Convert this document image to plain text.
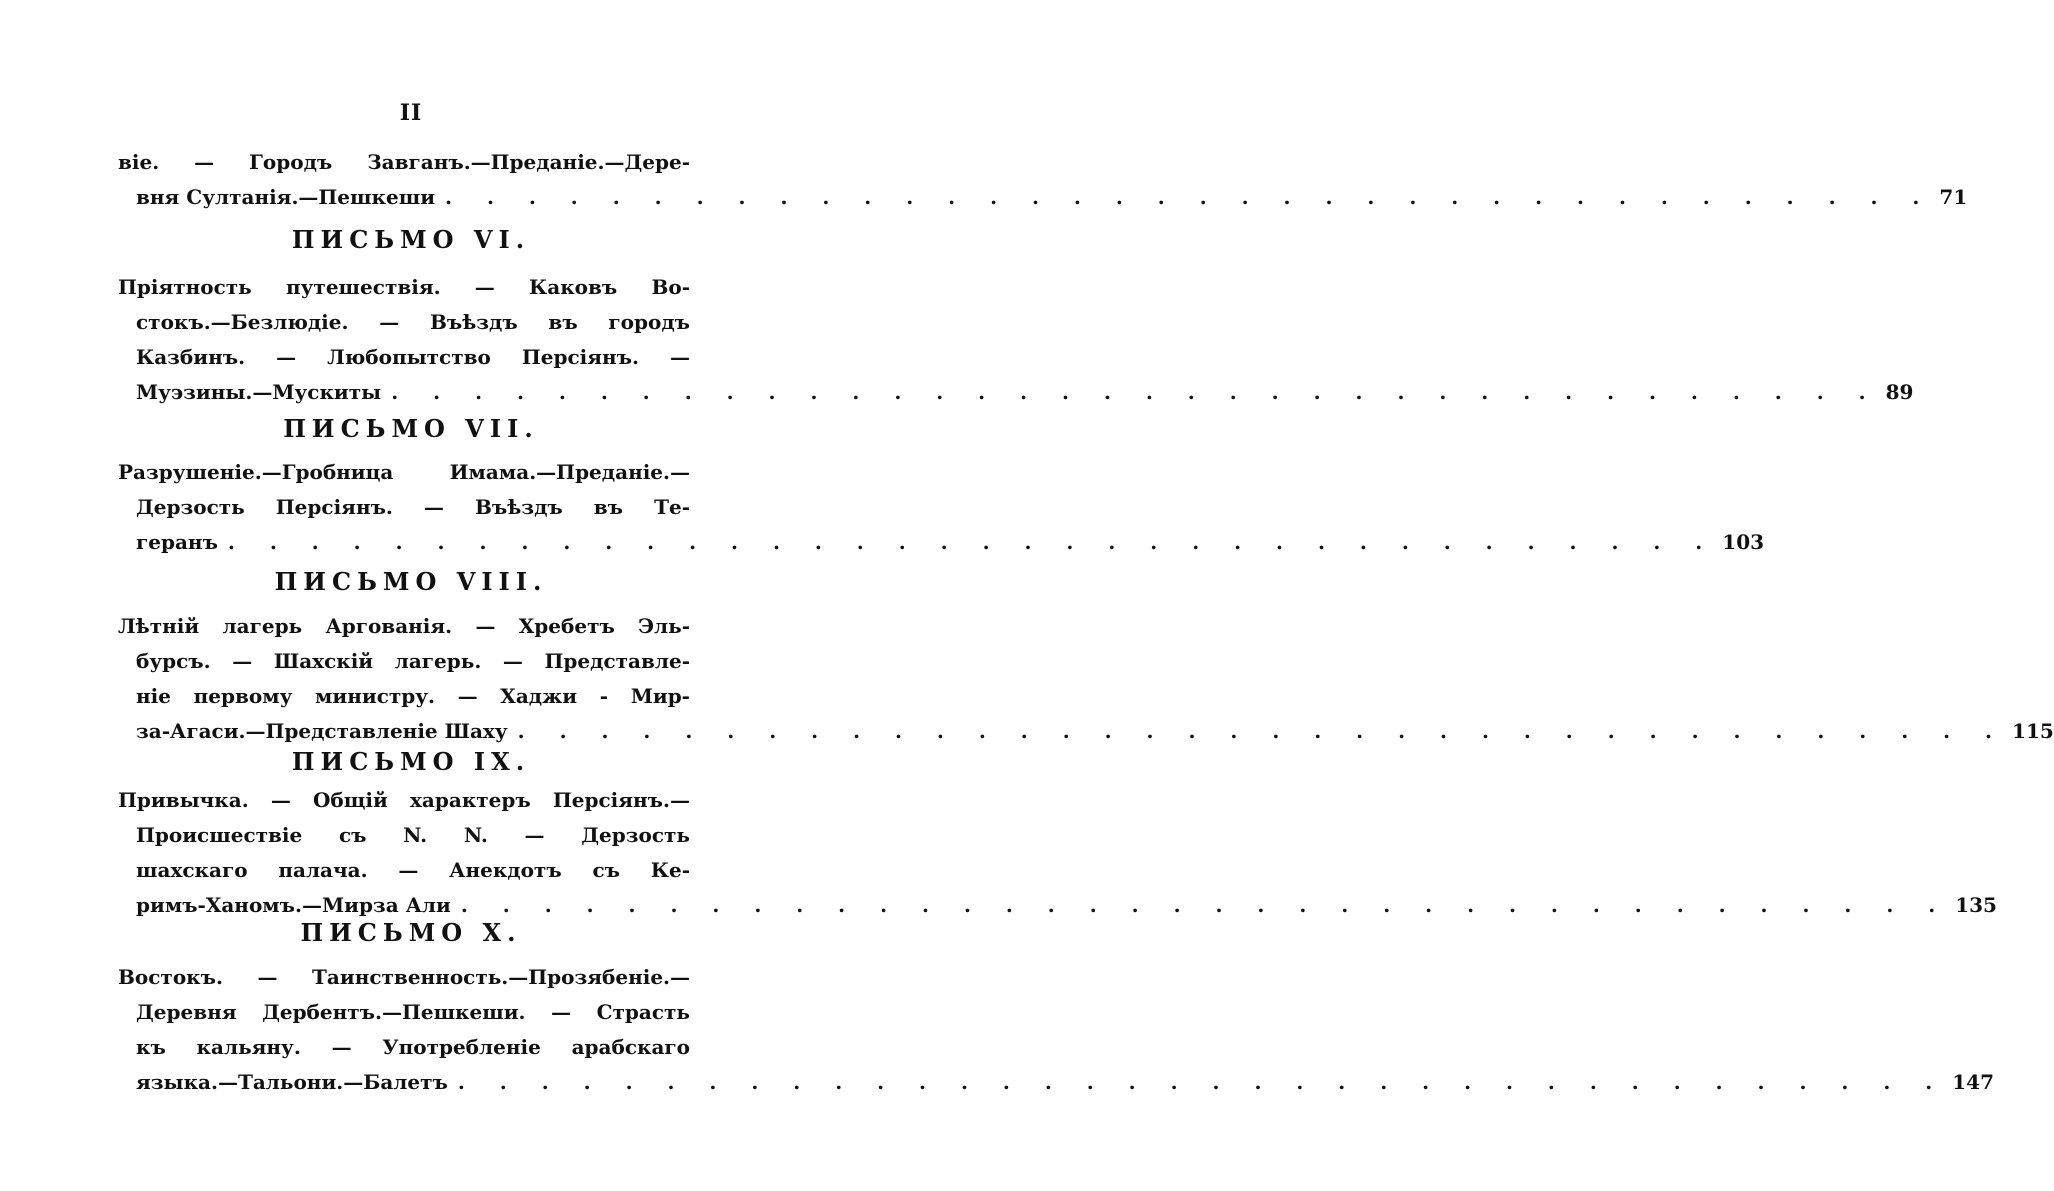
II
віе. — Городъ Завганъ.—Преданіе.—Дере-
вня Султанія.—Пешкеши . . . . . . . . . . . . . . . . . . . . . . . . . . . . . . . . . . . . 71
ПИСЬМО VI.
Пріятность путешествія. — Каковъ Во-
стокъ.—Безлюдіе. — Въѣздъ въ городъ
Казбинъ. — Любопытство Персіянъ. —
Муэзины.—Мускиты . . . . . . . . . . . . . . . . . . . . . . . . . . . . . . . . . . . . 89
ПИСЬМО VII.
Разрушеніе.—Гробница Имама.—Преданіе.—
Дерзость Персіянъ. — Въѣздъ въ Те-
геранъ . . . . . . . . . . . . . . . . . . . . . . . . . . . . . . . . . . . . 103
ПИСЬМО VIII.
Лѣтній лагерь Аргованія. — Хребетъ Эль-
бурсъ. — Шахскій лагерь. — Представле-
ніе первому министру. — Хаджи - Мир-
за-Агаси.—Представленіе Шаху . . . . . . . . . . . . . . . . . . . . . . . . . . . . . . . . . . . . 115
ПИСЬМО IX.
Привычка. — Общій характеръ Персіянъ.—
Происшествіе съ N. N. — Дерзость
шахскаго палача. — Анекдотъ съ Ке-
римъ-Ханомъ.—Мирза Али . . . . . . . . . . . . . . . . . . . . . . . . . . . . . . . . . . . . 135
ПИСЬМО X.
Востокъ. — Таинственность.—Прозябеніе.—
Деревня Дербентъ.—Пешкеши. — Страсть
къ кальяну. — Употребленіе арабскаго
языка.—Тальони.—Балетъ . . . . . . . . . . . . . . . . . . . . . . . . . . . . . . . . . . . . 147
